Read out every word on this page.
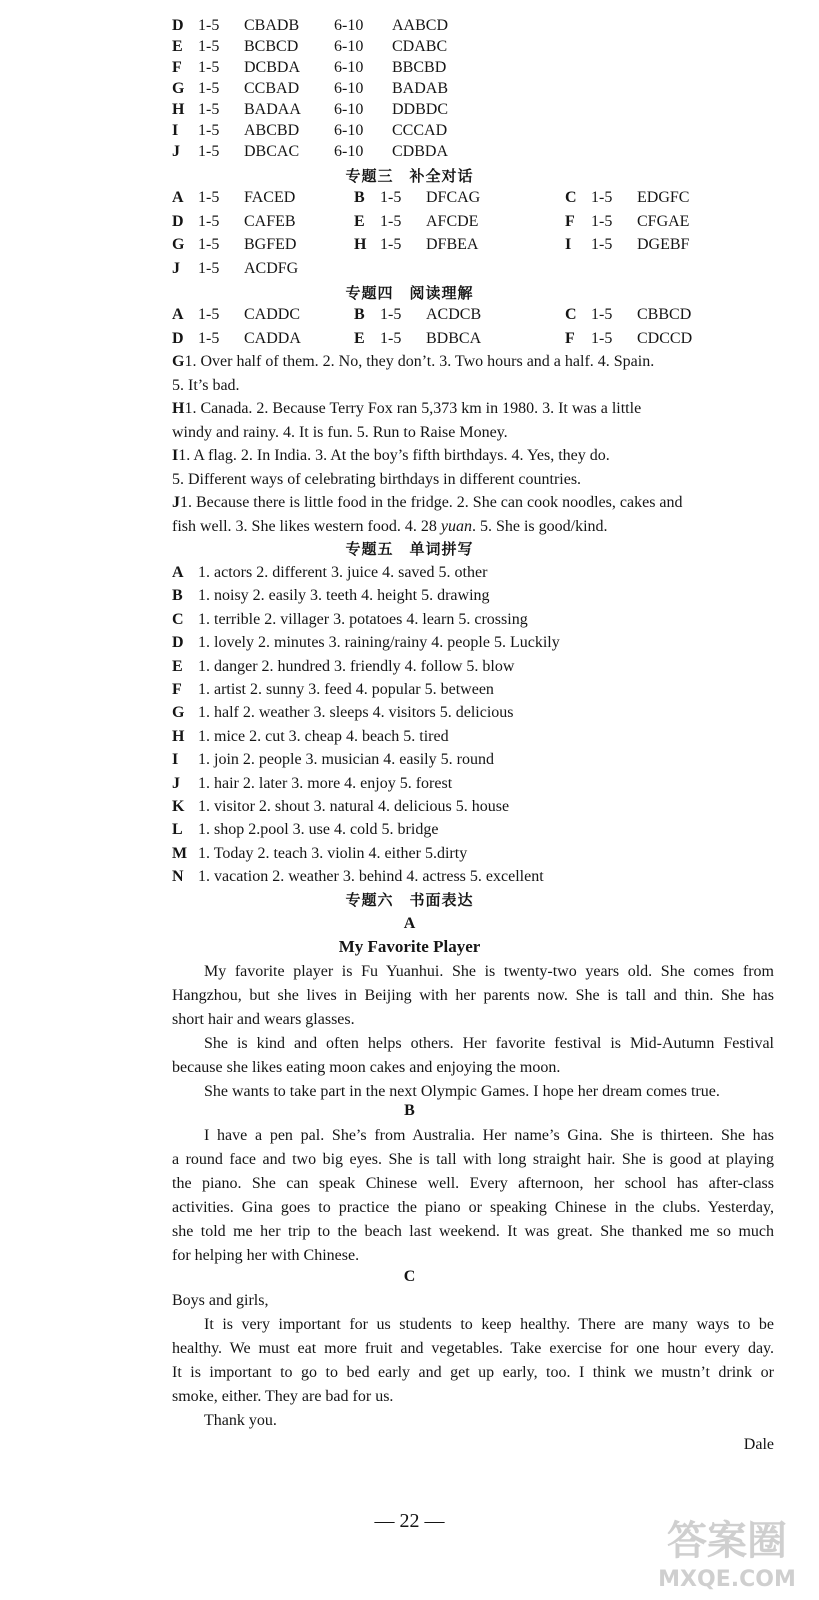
D 1-5 CBADB 6-10 AABCD
E 1-5 BCBCD 6-10 CDABC
F 1-5 DCBDA 6-10 BBCBD
G 1-5 CCBAD 6-10 BADAB
H 1-5 BADAA 6-10 DDBDC
I 1-5 ABCBD 6-10 CCCAD
J 1-5 DBCAC 6-10 CDBDA
专题三　补全对话
A 1-5 FACED	B 1-5 DFCAG	C 1-5 EDGFC
D 1-5 CAFEB	E 1-5 AFCDE	F 1-5 CFGAE
G 1-5 BGFED	H 1-5 DFBEA	I 1-5 DGEBF
J 1-5 ACDFG
专题四　阅读理解
A 1-5 CADDC	B 1-5 ACDCB	C 1-5 CBBCD
D 1-5 CADDA	E 1-5 BDBCA	F 1-5 CDCCD
G1. Over half of them. 2. No, they don’t. 3. Two hours and a half. 4. Spain.
5. It’s bad.
H1. Canada. 2. Because Terry Fox ran 5,373 km in 1980. 3. It was a little
windy and rainy. 4. It is fun. 5. Run to Raise Money.
I1. A flag. 2. In India. 3. At the boy’s fifth birthdays. 4. Yes, they do.
5. Different ways of celebrating birthdays in different countries.
J1. Because there is little food in the fridge. 2. She can cook noodles, cakes and
fish well. 3. She likes western food. 4. 28 yuan. 5. She is good/kind.
专题五　单词拼写
A 1. actors 2. different 3. juice 4. saved 5. other
B 1. noisy 2. easily 3. teeth 4. height 5. drawing
C 1. terrible 2. villager 3. potatoes 4. learn 5. crossing
D 1. lovely 2. minutes 3. raining/rainy 4. people 5. Luckily
E 1. danger 2. hundred 3. friendly 4. follow 5. blow
F 1. artist 2. sunny 3. feed 4. popular 5. between
G 1. half 2. weather 3. sleeps 4. visitors 5. delicious
H 1. mice 2. cut 3. cheap 4. beach 5. tired
I 1. join 2. people 3. musician 4. easily 5. round
J 1. hair 2. later 3. more 4. enjoy 5. forest
K 1. visitor 2. shout 3. natural 4. delicious 5. house
L 1. shop 2.pool 3. use 4. cold 5. bridge
M 1. Today 2. teach 3. violin 4. either 5.dirty
N 1. vacation 2. weather 3. behind 4. actress 5. excellent
专题六　书面表达
A
My Favorite Player
My favorite player is Fu Yuanhui. She is twenty-two years old. She comes from
Hangzhou, but she lives in Beijing with her parents now. She is tall and thin. She has
short hair and wears glasses.
She is kind and often helps others. Her favorite festival is Mid-Autumn Festival
because she likes eating moon cakes and enjoying the moon.
She wants to take part in the next Olympic Games. I hope her dream comes true.
B
I have a pen pal. She’s from Australia. Her name’s Gina. She is thirteen. She has
a round face and two big eyes. She is tall with long straight hair. She is good at playing
the piano. She can speak Chinese well. Every afternoon, her school has after-class
activities. Gina goes to practice the piano or speaking Chinese in the clubs. Yesterday,
she told me her trip to the beach last weekend. It was great. She thanked me so much
for helping her with Chinese.
C
Boys and girls,
It is very important for us students to keep healthy. There are many ways to be
healthy. We must eat more fruit and vegetables. Take exercise for one hour every day.
It is important to go to bed early and get up early, too. I think we mustn’t drink or
smoke, either. They are bad for us.
Thank you.
Dale
— 22 —	答案圈
MXQE.COM
